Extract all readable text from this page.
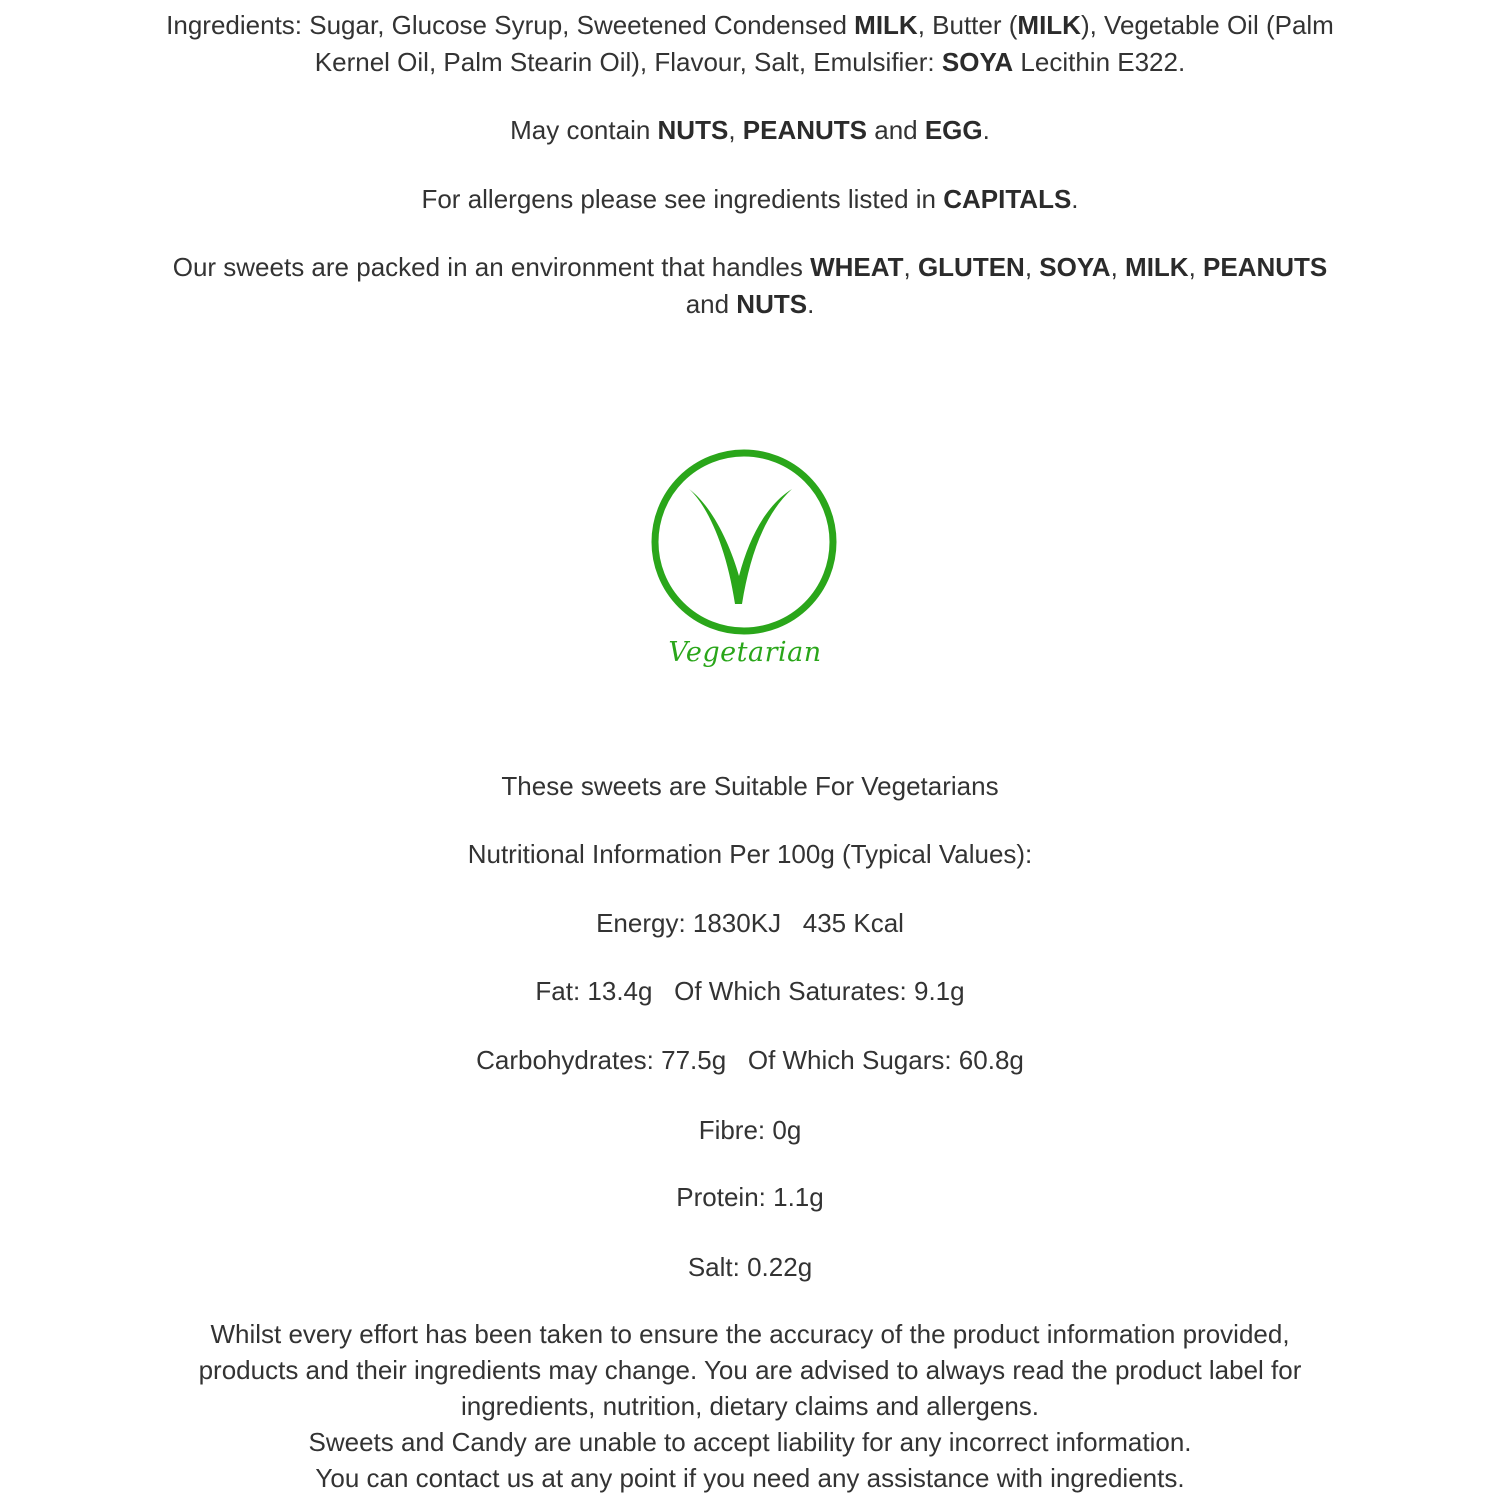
Ingredients: Sugar, Glucose Syrup, Sweetened Condensed MILK, Butter (MILK), Vegetable Oil (Palm
Kernel Oil, Palm Stearin Oil), Flavour, Salt, Emulsifier: SOYA Lecithin E322.
May contain NUTS, PEANUTS and EGG.
For allergens please see ingredients listed in CAPITALS.
Our sweets are packed in an environment that handles WHEAT, GLUTEN, SOYA, MILK, PEANUTS
and NUTS.
Vegetarian
These sweets are Suitable For Vegetarians
Nutritional Information Per 100g (Typical Values):
Energy: 1830KJ   435 Kcal
Fat: 13.4g   Of Which Saturates: 9.1g
Carbohydrates: 77.5g   Of Which Sugars: 60.8g
Fibre: 0g
Protein: 1.1g
Salt: 0.22g
Whilst every effort has been taken to ensure the accuracy of the product information provided,
products and their ingredients may change. You are advised to always read the product label for
ingredients, nutrition, dietary claims and allergens.
Sweets and Candy are unable to accept liability for any incorrect information.
You can contact us at any point if you need any assistance with ingredients.
